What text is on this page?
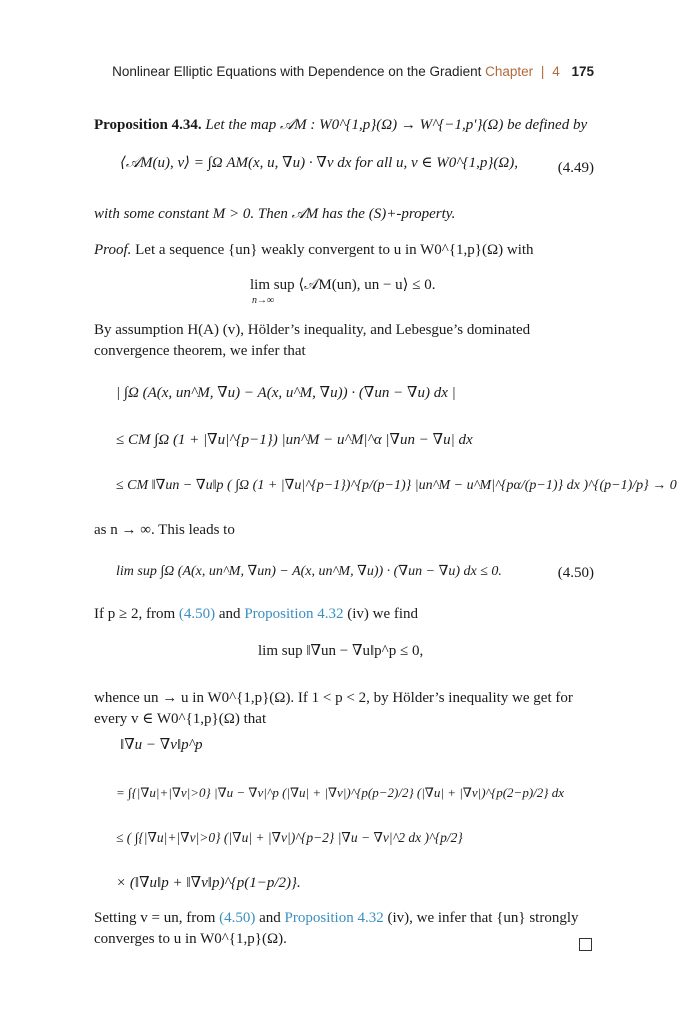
Nonlinear Elliptic Equations with Dependence on the Gradient Chapter | 4 175
Proposition 4.34. Let the map 𝒜M : W0^{1,p}(Ω) → W^{−1,p′}(Ω) be defined by
⟨𝒜M(u), v⟩ = ∫Ω AM(x, u, ∇u) · ∇v dx for all u, v ∈ W0^{1,p}(Ω),	(4.49)
with some constant M > 0. Then 𝒜M has the (S)+-property.
Proof. Let a sequence {un} weakly convergent to u in W0^{1,p}(Ω) with
lim sup ⟨𝒜M(un), un − u⟩ ≤ 0.
n→∞
By assumption H(A) (v), Hölder’s inequality, and Lebesgue’s dominated convergence theorem, we infer that
| ∫Ω (A(x, un^M, ∇u) − A(x, u^M, ∇u)) · (∇un − ∇u) dx |
≤ CM ∫Ω (1 + |∇u|^{p−1}) |un^M − u^M|^α |∇un − ∇u| dx
≤ CM ‖∇un − ∇u‖p ( ∫Ω (1 + |∇u|^{p−1})^{p/(p−1)} |un^M − u^M|^{pα/(p−1)} dx )^{(p−1)/p} → 0
as n → ∞. This leads to
lim sup ∫Ω (A(x, un^M, ∇un) − A(x, un^M, ∇u)) · (∇un − ∇u) dx ≤ 0.	(4.50)
If p ≥ 2, from (4.50) and Proposition 4.32 (iv) we find
lim sup ‖∇un − ∇u‖p^p ≤ 0,
whence un → u in W0^{1,p}(Ω). If 1 < p < 2, by Hölder’s inequality we get for every v ∈ W0^{1,p}(Ω) that
‖∇u − ∇v‖p^p
= ∫{|∇u|+|∇v|>0} |∇u − ∇v|^p (|∇u| + |∇v|)^{p(p−2)/2} (|∇u| + |∇v|)^{p(2−p)/2} dx
≤ ( ∫{|∇u|+|∇v|>0} (|∇u| + |∇v|)^{p−2} |∇u − ∇v|^2 dx )^{p/2}
× (‖∇u‖p + ‖∇v‖p)^{p(1−p/2)}.
Setting v = un, from (4.50) and Proposition 4.32 (iv), we infer that {un} strongly converges to u in W0^{1,p}(Ω).
